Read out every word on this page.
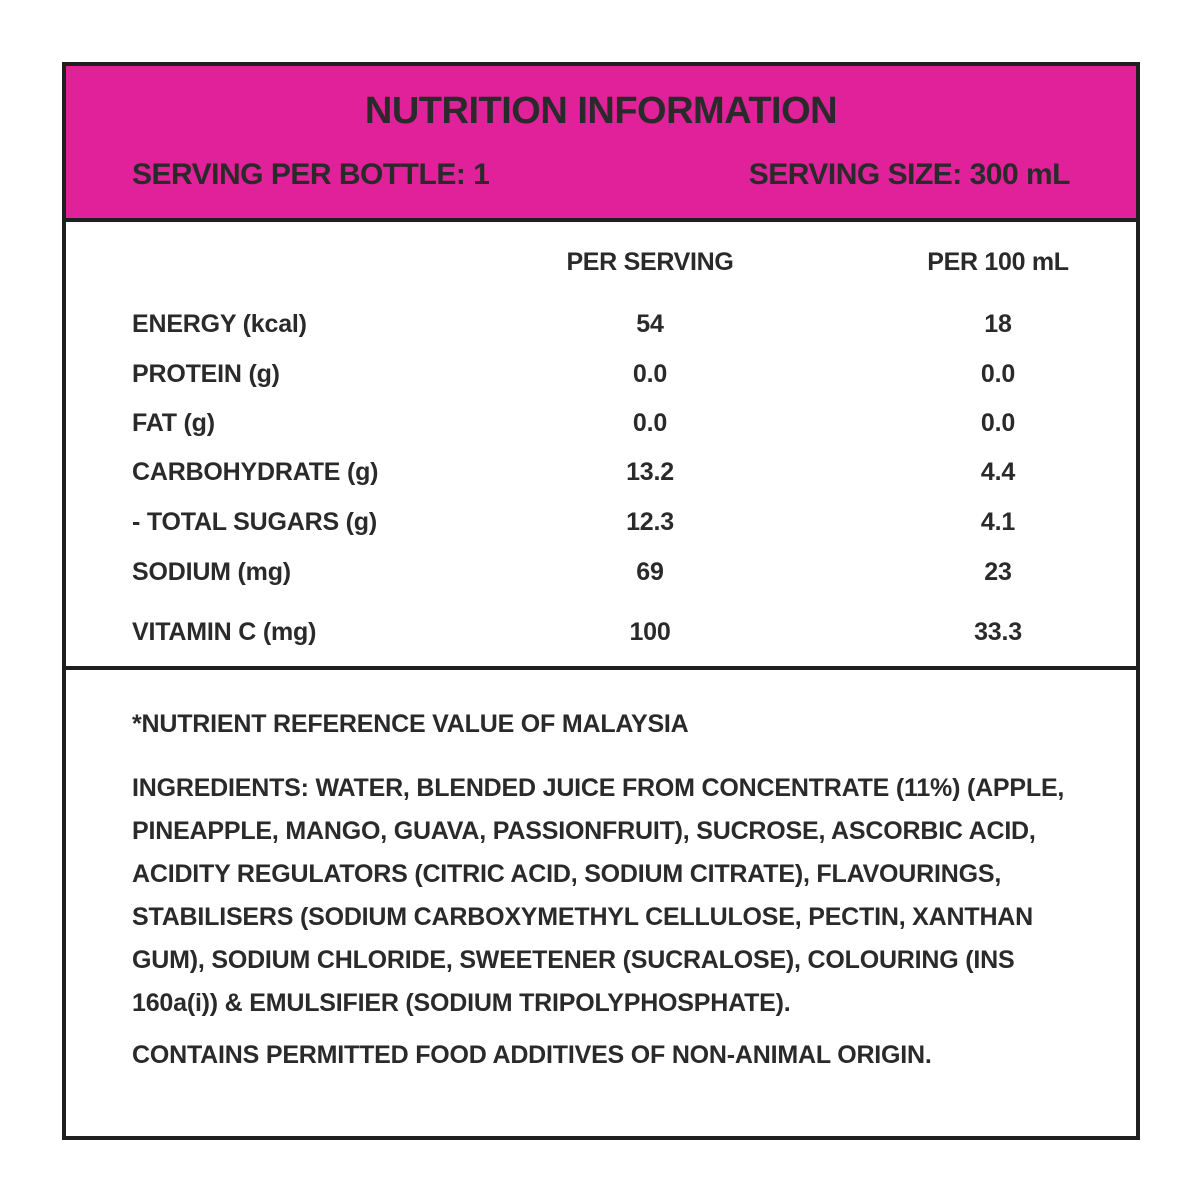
NUTRITION INFORMATION
SERVING PER BOTTLE: 1	SERVING SIZE: 300 mL
PER SERVING	PER 100 mL
ENERGY (kcal)	54	18
PROTEIN (g)	0.0	0.0
FAT (g)	0.0	0.0
CARBOHYDRATE (g)	13.2	4.4
- TOTAL SUGARS (g)	12.3	4.1
SODIUM (mg)	69	23
VITAMIN C (mg)	100	33.3

*NUTRIENT REFERENCE VALUE OF MALAYSIA

INGREDIENTS: WATER, BLENDED JUICE FROM CONCENTRATE (11%) (APPLE, PINEAPPLE, MANGO, GUAVA, PASSIONFRUIT), SUCROSE, ASCORBIC ACID, ACIDITY REGULATORS (CITRIC ACID, SODIUM CITRATE), FLAVOURINGS, STABILISERS (SODIUM CARBOXYMETHYL CELLULOSE, PECTIN, XANTHAN GUM), SODIUM CHLORIDE, SWEETENER (SUCRALOSE), COLOURING (INS 160a(i)) & EMULSIFIER (SODIUM TRIPOLYPHOSPHATE).

CONTAINS PERMITTED FOOD ADDITIVES OF NON-ANIMAL ORIGIN.
